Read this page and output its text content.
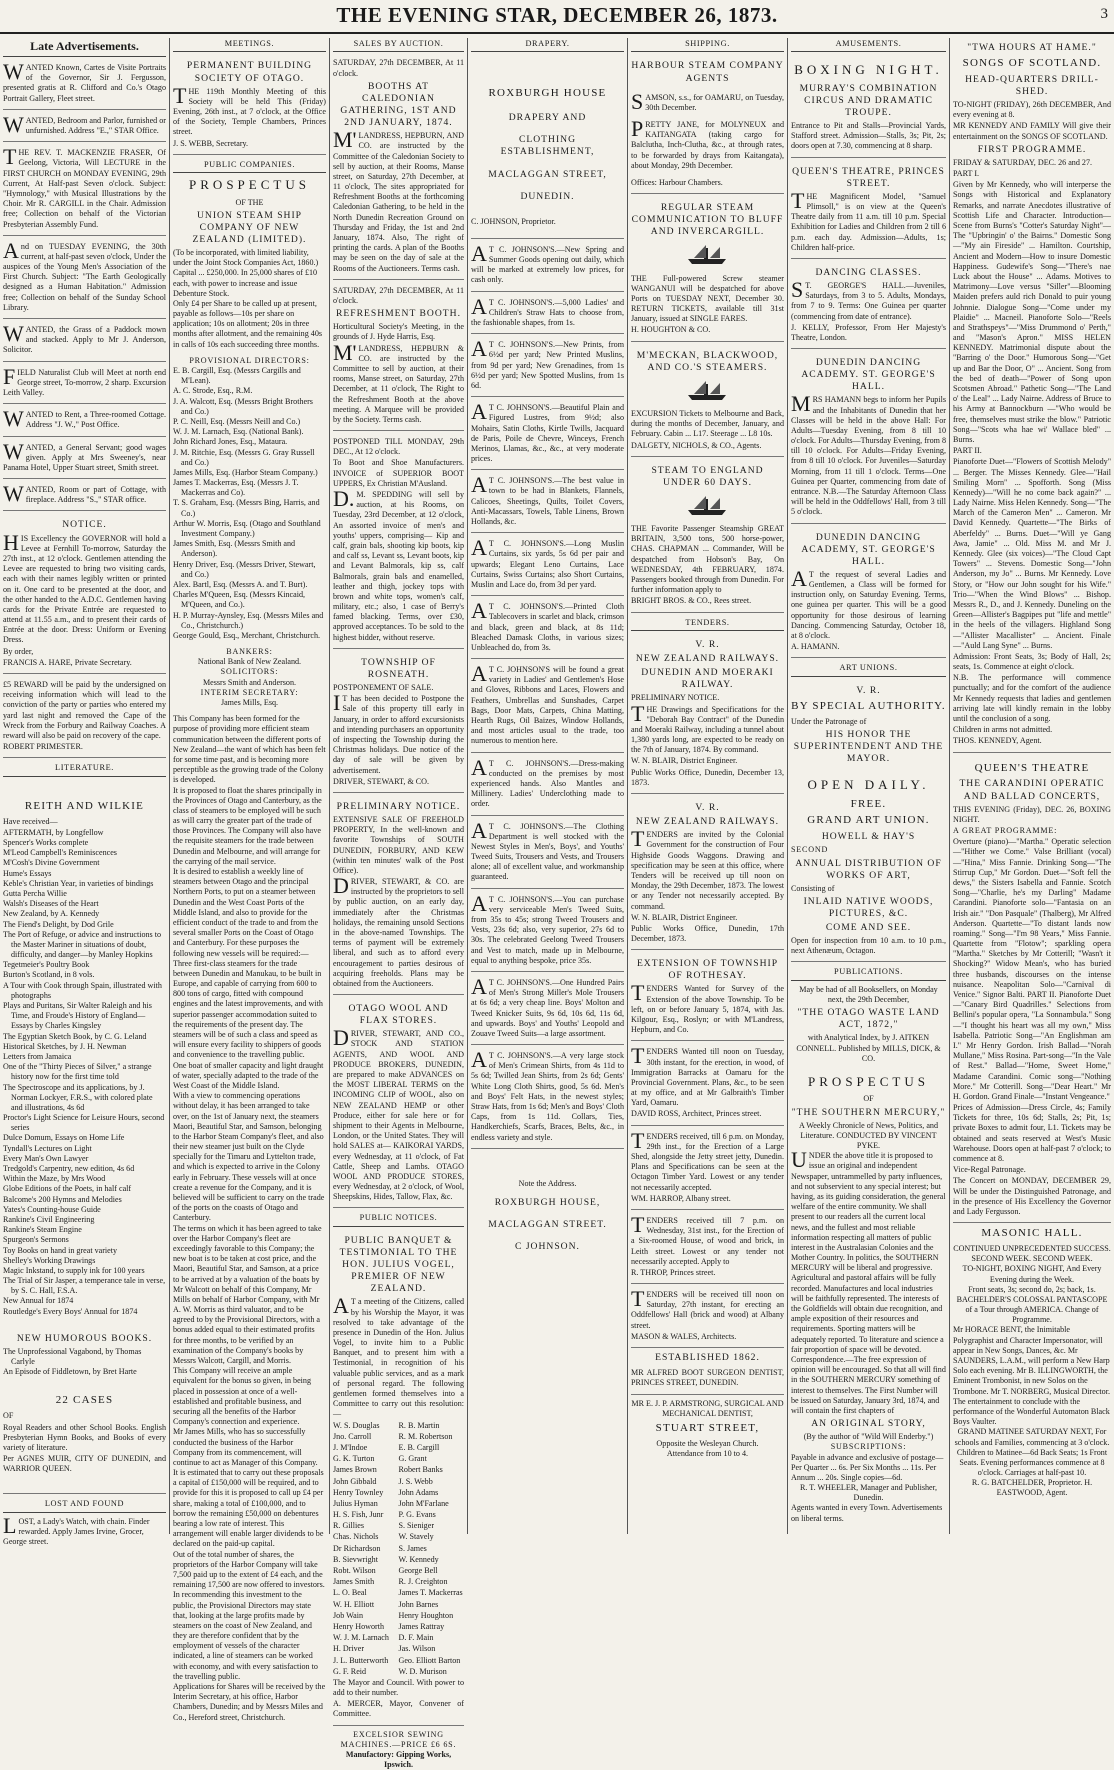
THE EVENING STAR, DECEMBER 26, 1873.	3
Late Advertisements.

WANTED Known, Cartes de Visite Portraits of the Governor, Sir J. Fergusson, presented gratis at R. Clifford and Co.'s Otago Portrait Gallery, Fleet street.

WANTED, Bedroom and Parlor, furnished or unfurnished. Address "E.," STAR Office.

THE REV. T. MACKENZIE FRASER, Of Geelong, Victoria, Will LECTURE in the FIRST CHURCH on MONDAY EVENING, 29th Current, At Half-past Seven o'clock. Subject: "Hymnology," with Musical Illustrations by the Choir. Mr R. CARGILL in the Chair. Admission free; Collection on behalf of the Victorian Presbyterian Assembly Fund.

And on TUESDAY EVENING, the 30th current, at half-past seven o'clock, Under the auspices of the Young Men's Association of the First Church. Subject: "The Earth Geologically designed as a Human Habitation." Admission free; Collection on behalf of the Sunday School Library.

WANTED, the Grass of a Paddock mown and stacked. Apply to Mr J. Anderson, Solicitor.

FIELD Naturalist Club will Meet at north end George street, To-morrow, 2 sharp. Excursion Leith Valley.

WANTED to Rent, a Three-roomed Cottage. Address "J. W.," Post Office.

WANTED, a General Servant; good wages given. Apply at Mrs Sweeney's, near Panama Hotel, Upper Stuart street, Smith street.

WANTED, Room or part of Cottage, with fireplace. Address "S.," STAR office.

NOTICE.

HIS Excellency the GOVERNOR will hold a Levee at Fernhill To-morrow, Saturday the 27th inst., at 12 o'clock. Gentlemen attending the Levee are requested to bring two visiting cards, each with their names legibly written or printed on it. One card to be presented at the door, and the other handed to the A.D.C. Gentlemen having cards for the Private Entrée are requested to attend at 11.55 a.m., and to present their cards of Entrée at the door. Dress: Uniform or Evening Dress.

By order,

FRANCIS A. HARE, Private Secretary.

£5 REWARD will be paid by the undersigned on receiving information which will lead to the conviction of the party or parties who entered my yard last night and removed the Cape of the Wreck from the Forbury and Railway Coaches. A reward will also be paid on recovery of the cape.

ROBERT PRIMESTER.

LITERATURE.
REITH AND WILKIE

Have received—

AFTERMATH, by Longfellow
Spencer's Works complete
M'Leod Campbell's Reminiscences
M'Cosh's Divine Government
Hume's Essays
Keble's Christian Year, in varieties of bindings
Gutta Percha Willie
Walsh's Diseases of the Heart
New Zealand, by A. Kennedy
The Fiend's Delight, by Dod Grile
The Port of Refuge, or advice and instructions to the Master Mariner in situations of doubt, difficulty, and danger—by Manley Hopkins
Tegetmeier's Poultry Book
Burton's Scotland, in 8 vols.
A Tour with Cook through Spain, illustrated with photographs
Plays and Puritans, Sir Walter Raleigh and his Time, and Froude's History of England—Essays by Charles Kingsley
The Egyptian Sketch Book, by C. G. Leland
Historical Sketches, by J. H. Newman
Letters from Jamaica
One of the "Thirty Pieces of Silver," a strange history now for the first time told
The Spectroscope and its applications, by J. Norman Lockyer, F.R.S., with colored plate and illustrations, 4s 6d
Proctor's Light Science for Leisure Hours, second series
Dulce Domum, Essays on Home Life
Tyndall's Lectures on Light
Every Man's Own Lawyer
Tredgold's Carpentry, new edition, 4s 6d
Within the Maze, by Mrs Wood
Globe Editions of the Poets, in half calf
Balcome's 200 Hymns and Melodies
Yates's Counting-house Guide
Rankine's Civil Engineering
Rankine's Steam Engine
Spurgeon's Sermons
Toy Books on hand in great variety
Shelley's Working Drawings
Magic Inkstand, to supply ink for 100 years
The Trial of Sir Jasper, a temperance tale in verse, by S. C. Hall, F.S.A.
New Annual for 1874
Routledge's Every Boys' Annual for 1874
NEW HUMOROUS BOOKS.
The Unprofessional Vagabond, by Thomas Carlyle
An Episode of Fiddletown, by Bret Harte
22 CASES

OF

Royal Readers and other School Books. English Presbyterian Hymn Books, and Books of every variety of literature.

Per AGNES MUIR, CITY OF DUNEDIN, and WARRIOR QUEEN.

LOST AND FOUND

LOST, a Lady's Watch, with chain. Finder rewarded. Apply James Irvine, Grocer, George street.

MEETINGS.
PERMANENT BUILDING SOCIETY OF OTAGO.

THE 119th Monthly Meeting of this Society will be held This (Friday) Evening, 26th inst., at 7 o'clock, at the Office of the Society, Temple Chambers, Princes street.

J. S. WEBB, Secretary.

PUBLIC COMPANIES.
PROSPECTUS

OF THE

UNION STEAM SHIP COMPANY OF NEW ZEALAND (LIMITED).

(To be incorporated, with limited liability, under the Joint Stock Companies Act, 1860.) Capital ... £250,000. In 25,000 shares of £10 each, with power to increase and issue Debenture Stock.

Only £4 per Share to be called up at present, payable as follows—10s per share on application; 10s on allotment; 20s in three months after allotment, and the remaining 40s in calls of 10s each succeeding three months.

PROVISIONAL DIRECTORS:

E. B. Cargill, Esq. (Messrs Cargills and M'Lean).
A. C. Strode, Esq., R.M.
J. A. Walcott, Esq. (Messrs Bright Brothers and Co.)
P. C. Neill, Esq. (Messrs Neill and Co.)
W. J. M. Larnach, Esq. (National Bank).
John Richard Jones, Esq., Mataura.
J. M. Ritchie, Esq. (Messrs G. Gray Russell and Co.)
James Mills, Esq. (Harbor Steam Company.)
James T. Mackerras, Esq. (Messrs J. T. Mackerras and Co).
T. S. Graham, Esq. (Messrs Bing, Harris, and Co.)
Arthur W. Morris, Esq. (Otago and Southland Investment Company.)
James Smith, Esq. (Messrs Smith and Anderson).
Henry Driver, Esq. (Messrs Driver, Stewart, and Co.)
Alex. Bartl, Esq. (Messrs A. and T. Burt).
Charles M'Queen, Esq. (Messrs Kincaid, M'Queen, and Co.).
H. P. Murray-Aynsley, Esq. (Messrs Miles and Co., Christchurch.)
George Gould, Esq., Merchant, Christchurch.

BANKERS:

National Bank of New Zealand.

SOLICITORS:

Messrs Smith and Anderson.

INTERIM SECRETARY:

James Mills, Esq.

This Company has been formed for the purpose of providing more efficient steam communication between the different ports of New Zealand—the want of which has been felt for some time past, and is becoming more perceptible as the growing trade of the Colony is developed.

It is proposed to float the shares principally in the Provinces of Otago and Canterbury, as the class of steamers to be employed will be such as will carry the greater part of the trade of those Provinces. The Company will also have the requisite steamers for the trade between Dunedin and Melbourne, and will arrange for the carrying of the mail service.

It is desired to establish a weekly line of steamers between Otago and the principal Northern Ports, to put on a steamer between Dunedin and the West Coast Ports of the Middle Island, and also to provide for the efficient conduct of the trade to and from the several smaller Ports on the Coast of Otago and Canterbury. For these purposes the following new vessels will be required:—

Three first-class steamers for the trade between Dunedin and Manukau, to be built in Europe, and capable of carrying from 600 to 800 tons of cargo, fitted with compound engines and the latest improvements, and with superior passenger accommodation suited to the requirements of the present day. The steamers will be of such a class and speed as will ensure every facility to shippers of goods and convenience to the travelling public.

One boat of smaller capacity and light draught of water, specially adapted to the trade of the West Coast of the Middle Island.

With a view to commencing operations without delay, it has been arranged to take over, on the 1st of January next, the steamers Maori, Beautiful Star, and Samson, belonging to the Harbor Steam Company's fleet, and also their new steamer just built on the Clyde specially for the Timaru and Lyttelton trade, and which is expected to arrive in the Colony early in February. These vessels will at once create a revenue for the Company, and it is believed will be sufficient to carry on the trade of the ports on the coasts of Otago and Canterbury.

The terms on which it has been agreed to take over the Harbor Company's fleet are exceedingly favorable to this Company; the new boat is to be taken at cost price, and the Maori, Beautiful Star, and Samson, at a price to be arrived at by a valuation of the boats by Mr Walcott on behalf of this Company, Mr Mills on behalf of Harbor Company, with Mr A. W. Morris as third valuator, and to be agreed to by the Provisional Directors, with a bonus added equal to their estimated profits for three months, to be verified by an examination of the Company's books by Messrs Walcott, Cargill, and Morris.

This Company will receive an ample equivalent for the bonus so given, in being placed in possession at once of a well-established and profitable business, and securing all the benefits of the Harbor Company's connection and experience.

Mr James Mills, who has so successfully conducted the business of the Harbor Company from its commencement, will continue to act as Manager of this Company.

It is estimated that to carry out these proposals a capital of £150,000 will be required, and to provide for this it is proposed to call up £4 per share, making a total of £100,000, and to borrow the remaining £50,000 on debentures bearing a low rate of interest. This arrangement will enable larger dividends to be declared on the paid-up capital.

Out of the total number of shares, the proprietors of the Harbor Company will take 7,500 paid up to the extent of £4 each, and the remaining 17,500 are now offered to investors.

In recommending this investment to the public, the Provisional Directors may state that, looking at the large profits made by steamers on the coast of New Zealand, and they are therefore confident that by the employment of vessels of the character indicated, a line of steamers can be worked with economy, and with every satisfaction to the travelling public.

Applications for Shares will be received by the Interim Secretary, at his office, Harbor Chambers, Dunedin; and by Messrs Miles and Co., Hereford street, Christchurch.

SALES BY AUCTION.

SATURDAY, 27th DECEMBER, At 11 o'clock.

BOOTHS AT CALEDONIAN GATHERING, 1ST AND 2ND JANUARY, 1874.

M'LANDRESS, HEPBURN, AND CO. are instructed by the Committee of the Caledonian Society to sell by auction, at their Rooms, Manse street, on Saturday, 27th December, at 11 o'clock, The sites appropriated for Refreshment Booths at the forthcoming Caledonian Gathering, to be held in the North Dunedin Recreation Ground on Thursday and Friday, the 1st and 2nd January, 1874. Also, The right of printing the cards. A plan of the Booths may be seen on the day of sale at the Rooms of the Auctioneers. Terms cash.

SATURDAY, 27th DECEMBER, At 11 o'clock.

REFRESHMENT BOOTH.

Horticultural Society's Meeting, in the grounds of J. Hyde Harris, Esq.

M'LANDRESS, HEPBURN & CO. are instructed by the Committee to sell by auction, at their rooms, Manse street, on Saturday, 27th December, at 11 o'clock, The Right to the Refreshment Booth at the above meeting. A Marquee will be provided by the Society. Terms cash.

POSTPONED TILL MONDAY, 29th DEC., At 12 o'clock.

To Boot and Shoe Manufacturers. INVOICE of SUPERIOR BOOT UPPERS, Ex Christian M'Ausland.

D.M. SPEDDING will sell by auction, at his Rooms, on Tuesday, 23rd December, at 12 o'clock, An assorted invoice of men's and youths' uppers, comprising— Kip and calf, grain bals, shooting kip boots, kip and calf ss, Levant ss, Levant boots, kip and Levant Balmorals, kip ss, calf Balmorals, grain bals and enamelled, leather and thigh, jockey tops with brown and white tops, women's calf, military, etc.; also, 1 case of Berry's famed blacking. Terms, over £30, approved acceptances. To be sold to the highest bidder, without reserve.

TOWNSHIP OF ROSNEATH.

POSTPONEMENT OF SALE.

IT has been decided to Postpone the Sale of this property till early in January, in order to afford excursionists and intending purchasers an opportunity of inspecting the Township during the Christmas holidays. Due notice of the day of sale will be given by advertisement.

DRIVER, STEWART, & CO.

PRELIMINARY NOTICE.

EXTENSIVE SALE OF FREEHOLD PROPERTY, In the well-known and favorite Townships of SOUTH DUNEDIN, FORBURY, AND KEW (within ten minutes' walk of the Post Office).

DRIVER, STEWART, & CO. are instructed by the proprietors to sell by public auction, on an early day, immediately after the Christmas holidays, the remaining unsold Sections in the above-named Townships. The terms of payment will be extremely liberal, and such as to afford every encouragement to parties desirous of acquiring freeholds. Plans may be obtained from the Auctioneers.

OTAGO WOOL AND FLAX STORES.

DRIVER, STEWART, AND CO., STOCK AND STATION AGENTS, AND WOOL AND PRODUCE BROKERS, DUNEDIN, are prepared to make ADVANCES on the MOST LIBERAL TERMS on the INCOMING CLIP of WOOL, also on NEW ZEALAND HEMP or other Produce, either for sale here or for shipment to their Agents in Melbourne, London, or the United States. They will hold SALES at— KAIKORAI YARDS, every Wednesday, at 11 o'clock, of Fat Cattle, Sheep and Lambs. OTAGO WOOL AND PRODUCE STORES, every Wednesday, at 2 o'clock, of Wool, Sheepskins, Hides, Tallow, Flax, &c.

PUBLIC NOTICES.
PUBLIC BANQUET & TESTIMONIAL TO THE HON. JULIUS VOGEL, PREMIER OF NEW ZEALAND.

AT a meeting of the Citizens, called by his Worship the Mayor, it was resolved to take advantage of the presence in Dunedin of the Hon. Julius Vogel, to invite him to a Public Banquet, and to present him with a Testimonial, in recognition of his valuable public services, and as a mark of personal regard. The following gentlemen formed themselves into a Committee to carry out this resolution:—

W. S. Douglas

Jno. Carroll

J. M'Indoe

G. K. Turton

James Brown

John Gibbald

Henry Townley

Julius Hyman

H. S. Fish, Junr

R. Gillies

Chas. Nichols

Dr Richardson

B. Sievwright

Robt. Wilson

James Smith

L. O. Beal

W. H. Elliott

Job Wain

Henry Howorth

W. J. M. Larnach

H. Driver

J. L. Butterworth

G. F. Reid

R. B. Martin

R. M. Robertson

E. B. Cargill

G. Grant

Robert Banks

J. S. Webb

John Adams

John M'Farlane

P. G. Evans

S. Sieniger

W. Stavely

S. James

W. Kennedy

George Bell

R. J. Creighton

James T. Mackerras

John Barnes

Henry Houghton

James Rattray

D. F. Main

Jas. Wilson

Geo. Elliott Barton

W. D. Murison

The Mayor and Council. With power to add to their number.

A. MERCER, Mayor, Convener of Committee.

EXCELSIOR SEWING MACHINES.—PRICE £6 6S.

Manufactory: Gipping Works, Ipswich.

DRAPERY.
ROXBURGH HOUSE
DRAPERY AND
CLOTHING ESTABLISHMENT,
MACLAGGAN STREET,
DUNEDIN.

C. JOHNSON, Proprietor.

AT C. JOHNSON'S.—New Spring and Summer Goods opening out daily, which will be marked at extremely low prices, for cash only.

AT C. JOHNSON'S.—5,000 Ladies' and Children's Straw Hats to choose from, the fashionable shapes, from 1s.

AT C. JOHNSON'S.—New Prints, from 6½d per yard; New Printed Muslins, from 9d per yard; New Grenadines, from 1s 6½d per yard; New Spotted Muslins, from 1s 6d.

AT C. JOHNSON'S.—Beautiful Plain and Figured Lustres, from 9½d; also Mohairs, Satin Cloths, Kirtle Twills, Jacquard de Paris, Poile de Chevre, Winceys, French Merinos, Llamas, &c., &c., at very moderate prices.

AT C. JOHNSON'S.—The best value in town to be had in Blankets, Flannels, Calicoes, Sheetings, Quilts, Toilet Covers, Anti-Macassars, Towels, Table Linens, Brown Hollands, &c.

AT C. JOHNSON'S.—Long Muslin Curtains, six yards, 5s 6d per pair and upwards; Elegant Leno Curtains, Lace Curtains, Swiss Curtains; also Short Curtains, Muslin and Lace do, from 3d per yard.

AT C. JOHNSON'S.—Printed Cloth Tablecovers in scarlet and black, crimson and black, green and black, at 8s 11d; Bleached Damask Cloths, in various sizes; Unbleached do, from 3s.

AT C. JOHNSON'S will be found a great variety in Ladies' and Gentlemen's Hose and Gloves, Ribbons and Laces, Flowers and Feathers, Umbrellas and Sunshades, Carpet Bags, Door Mats, Carpets, China Matting, Hearth Rugs, Oil Baizes, Window Hollands, and most articles usual to the trade, too numerous to mention here.

AT C. JOHNSON'S.—Dress-making conducted on the premises by most experienced hands. Also Mantles and Millinery. Ladies' Underclothing made to order.

AT C. JOHNSON'S.—The Clothing Department is well stocked with the Newest Styles in Men's, Boys', and Youths' Tweed Suits, Trousers and Vests, and Trousers alone; all of excellent value, and workmanship guaranteed.

AT C. JOHNSON'S.—You can purchase very serviceable Men's Tweed Suits, from 35s to 45s; strong Tweed Trousers and Vests, 23s 6d; also, very superior, 27s 6d to 30s. The celebrated Geelong Tweed Trousers and Vest to match, made up in Melbourne, equal to anything bespoke, price 35s.

AT C. JOHNSON'S.—One Hundred Pairs of Men's Strong Miller's Mole Trousers at 6s 6d; a very cheap line. Boys' Molton and Tweed Knicker Suits, 9s 6d, 10s 6d, 11s 6d, and upwards. Boys' and Youths' Leopold and Zouave Tweed Suits—a large assortment.

AT C. JOHNSON'S.—A very large stock of Men's Crimean Shirts, from 4s 11d to 5s 6d; Twilled Jean Shirts, from 2s 6d; Gents' White Long Cloth Shirts, good, 5s 6d. Men's and Boys' Felt Hats, in the newest styles; Straw Hats, from 1s 6d; Men's and Boys' Cloth Caps, from 1s 11d. Collars, Ties, Handkerchiefs, Scarfs, Braces, Belts, &c., in endless variety and style.

Note the Address.

ROXBURGH HOUSE,
MACLAGGAN STREET.
C JOHNSON.
SHIPPING.
HARBOUR STEAM COMPANY AGENTS

SAMSON, s.s., for OAMARU, on Tuesday, 30th December.

PRETTY JANE, for MOLYNEUX and KAITANGATA (taking cargo for Balclutha, Inch-Clutha, &c., at through rates, to be forwarded by drays from Kaitangata), about Monday, 29th December.

Offices: Harbour Chambers.

REGULAR STEAM COMMUNICATION TO BLUFF AND INVERCARGILL.

THE Full-powered Screw steamer WANGANUI will be despatched for above Ports on TUESDAY NEXT, December 30. RETURN TICKETS, available till 31st January, issued at SINGLE FARES.

H. HOUGHTON & CO.

M'MECKAN, BLACKWOOD, AND CO.'S STEAMERS.

EXCURSION Tickets to Melbourne and Back, during the months of December, January, and February. Cabin ... L17. Steerage ... L8 10s.

DALGETY, NICHOLS, & CO., Agents.

STEAM TO ENGLAND UNDER 60 DAYS.

THE Favorite Passenger Steamship GREAT BRITAIN, 3,500 tons, 500 horse-power, CHAS. CHAPMAN ... Commander, Will be despatched from Hobson's Bay, On WEDNESDAY, 4th FEBRUARY, 1874. Passengers booked through from Dunedin. For further information apply to

BRIGHT BROS. & CO., Rees street.

TENDERS.
V. R.
NEW ZEALAND RAILWAYS.
DUNEDIN AND MOERAKI RAILWAY.

PRELIMINARY NOTICE.

THE Drawings and Specifications for the "Deborah Bay Contract" of the Dunedin and Moeraki Railway, including a tunnel about 1,380 yards long, are expected to be ready on the 7th of January, 1874. By command.

W. N. BLAIR, District Engineer.

Public Works Office, Dunedin, December 13, 1873.

V. R.
NEW ZEALAND RAILWAYS.

TENDERS are invited by the Colonial Government for the construction of Four Highside Goods Waggons. Drawing and specification may be seen at this office, where Tenders will be received up till noon on Monday, the 29th December, 1873. The lowest or any Tender not necessarily accepted. By command.

W. N. BLAIR, District Engineer.

Public Works Office, Dunedin, 17th December, 1873.

EXTENSION OF TOWNSHIP OF ROTHESAY.

TENDERS Wanted for Survey of the Extension of the above Township. To be left, on or before January 5, 1874, with Jas. Kilgour, Esq., Roslyn; or with M'Landress, Hepburn, and Co.

TENDERS Wanted till noon on Tuesday, 30th instant, for the erection, in wood, of Immigration Barracks at Oamaru for the Provincial Government. Plans, &c., to be seen at my office, and at Mr Galbraith's Timber Yard, Oamaru.

DAVID ROSS, Architect, Princes street.

TENDERS received, till 6 p.m. on Monday, 29th inst., for the Erection of a Large Shed, alongside the Jetty street jetty, Dunedin. Plans and Specifications can be seen at the Octagon Timber Yard. Lowest or any tender not necessarily accepted.

WM. HARROP, Albany street.

TENDERS received till 7 p.m. on Wednesday, 31st inst., for the Erection of a Six-roomed House, of wood and brick, in Leith street. Lowest or any tender not necessarily accepted. Apply to

R. THROP, Princes street.

TENDERS will be received till noon on Saturday, 27th instant, for erecting an Oddfellows' Hall (brick and wood) at Albany street.

MASON & WALES, Architects.

ESTABLISHED 1862.

MR ALFRED BOOT SURGEON DENTIST, PRINCES STREET, DUNEDIN.

MR E. J. P. ARMSTRONG, SURGICAL AND MECHANICAL DENTIST,

STUART STREET,

Opposite the Wesleyan Church.

Attendance from 10 to 4.

AMUSEMENTS.
BOXING NIGHT.
MURRAY'S COMBINATION CIRCUS AND DRAMATIC TROUPE.

Entrance to Pit and Stalls—Provincial Yards, Stafford street. Admission—Stalls, 3s; Pit, 2s; doors open at 7.30, commencing at 8 sharp.

QUEEN'S THEATRE, PRINCES STREET.

THE Magnificent Model, "Samuel Plimsoll," is on view at the Queen's Theatre daily from 11 a.m. till 10 p.m. Special Exhibition for Ladies and Children from 2 till 6 p.m. each day. Admission—Adults, 1s; Children half-price.

DANCING CLASSES.

ST. GEORGE'S HALL.—Juveniles, Saturdays, from 3 to 5. Adults, Mondays, from 7 to 9. Terms: One Guinea per quarter (commencing from date of entrance).

J. KELLY, Professor, From Her Majesty's Theatre, London.

DUNEDIN DANCING ACADEMY. ST. GEORGE'S HALL.

MRS HAMANN begs to inform her Pupils and the Inhabitants of Dunedin that her Classes will be held in the above Hall: For Adults—Tuesday Evening, from 8 till 10 o'clock. For Adults—Thursday Evening, from 8 till 10 o'clock. For Adults—Friday Evening, from 8 till 10 o'clock. For Juveniles—Saturday Morning, from 11 till 1 o'clock. Terms—One Guinea per Quarter, commencing from date of entrance. N.B.—The Saturday Afternoon Class will be held in the Oddfellows' Hall, from 3 till 5 o'clock.

DUNEDIN DANCING ACADEMY, ST. GEORGE'S HALL.

AT the request of several Ladies and Gentlemen, a Class will be formed for instruction only, on Saturday Evening. Terms, one guinea per quarter. This will be a good opportunity for those desirous of learning Dancing. Commencing Saturday, October 18, at 8 o'clock.

A. HAMANN.

ART UNIONS.
V. R.
BY SPECIAL AUTHORITY.

Under the Patronage of

HIS HONOR THE SUPERINTENDENT AND THE MAYOR.
OPEN DAILY.
FREE.
GRAND ART UNION.
HOWELL & HAY'S

SECOND

ANNUAL DISTRIBUTION OF WORKS OF ART,

Consisting of

INLAID NATIVE WOODS, PICTURES, &C.
COME AND SEE.

Open for inspection from 10 a.m. to 10 p.m., next Athenæum, Octagon.

PUBLICATIONS.

May be had of all Booksellers, on Monday next, the 29th December,

"THE OTAGO WASTE LAND ACT, 1872,"

with Analytical Index, by J. AITKEN CONNELL. Published by MILLS, DICK, & CO.

PROSPECTUS

OF

"THE SOUTHERN MERCURY,"

A Weekly Chronicle of News, Politics, and Literature. CONDUCTED BY VINCENT PYKE.

UNDER the above title it is proposed to issue an original and independent Newspaper, untrammelled by party influences, and not subservient to any special interest; but having, as its guiding consideration, the general welfare of the entire community. We shall present to our readers all the current local news, and the fullest and most reliable information respecting all matters of public interest in the Australasian Colonies and the Mother Country. In politics, the SOUTHERN MERCURY will be liberal and progressive. Agricultural and pastoral affairs will be fully recorded. Manufactures and local industries will be faithfully represented. The interests of the Goldfields will obtain due recognition, and ample exposition of their resources and requirements. Sporting matters will be adequately reported. To literature and science a fair proportion of space will be devoted. Correspondence.—The free expression of opinion will be encouraged. So that all will find in the SOUTHERN MERCURY something of interest to themselves. The First Number will be issued on Saturday, January 3rd, 1874, and will contain the first chapters of

AN ORIGINAL STORY,

(By the author of "Wild Will Enderby.")

SUBSCRIPTIONS:

Payable in advance and exclusive of postage—Per Quarter ... 6s. Per Six Months ... 11s. Per Annum ... 20s. Single copies—6d.

R. T. WHEELER, Manager and Publisher, Dunedin.

Agents wanted in every Town. Advertisements on liberal terms.

"TWA HOURS AT HAME."
SONGS OF SCOTLAND.
HEAD-QUARTERS DRILL-SHED.

TO-NIGHT (FRIDAY), 26th DECEMBER, And every evening at 8.

MR KENNEDY AND FAMILY Will give their entertainment on the SONGS OF SCOTLAND.

FIRST PROGRAMME.

FRIDAY & SATURDAY, DEC. 26 and 27.

PART I.

Given by Mr Kennedy, who will interperse the Songs with Historical and Explanatory Remarks, and narrate Anecdotes illustrative of Scottish Life and Character. Introduction—Scene from Burns's "Cotter's Saturday Night"—The "Upbringin' o' the Bairns." Domestic Song—"My ain Fireside" ... Hamilton. Courtship, Ancient and Modern—How to insure Domestic Happiness. Gudewife's Song—"There's nae Luck about the House" ... Adams. Motives to Matrimony—Love versus "Siller"—Blooming Maiden prefers auld rich Donald to puir young Johnnie. Dialogue Song—"Come under my Plaidie" ... Macneil. Pianoforte Solo—"Reels and Strathspeys"—"Miss Drummond o' Perth," and "Mason's Apron." MISS HELEN KENNEDY. Matrimonial dispute about the "Barring o' the Door." Humorous Song—"Get up and Bar the Door, O" ... Ancient. Song from the bed of death—"Power of Song upon Scotsmen Abroad." Pathetic Song—"The Land o' the Leal" ... Lady Nairne. Address of Bruce to his Army at Bannockburn —"Who would be free, themselves must strike the blow." Patriotic Song—"Scots wha hae wi' Wallace bled" ... Burns.

PART II.

Pianoforte Duet—"Flowers of Scottish Melody" ... Berger. The Misses Kennedy. Glee—"Hail Smiling Morn" ... Spofforth. Song (Miss Kennedy)—"Will he no come back again?" ... Lady Nairne. Miss Helen Kennedy. Song—"The March of the Cameron Men" ... Cameron. Mr David Kennedy. Quartette—"The Birks of Aberfeldy" ... Burns. Duet—"Will ye Gang Awa, Jamie" ... Old. Miss M. and Mr J. Kennedy. Glee (six voices)—"The Cloud Capt Towers" ... Stevens. Domestic Song—"John Anderson, my Jo" ... Burns. Mr Kennedy. Love Story, or "How our John sought for his Wife." Trio—"When the Wind Blows" ... Bishop. Messrs R., D., and J. Kennedy. Duneling on the Green—Allister's Bagpipes put "life and mettle" in the heels of the villagers. Highland Song—"Allister Macallister" ... Ancient. Finale—"Auld Lang Syne" ... Burns.

Admission: Front Seats, 3s; Body of Hall, 2s; seats, 1s. Commence at eight o'clock.

N.B. The performance will commence punctually; and for the comfort of the audience Mr Kennedy requests that ladies and gentlemen arriving late will kindly remain in the lobby until the conclusion of a song.

Children in arms not admitted.

THOS. KENNEDY, Agent.

QUEEN'S THEATRE
THE CARANDINI OPERATIC AND BALLAD CONCERTS,

THIS EVENING (Friday), DEC. 26, BOXING NIGHT.

A GREAT PROGRAMME:

Overture (piano)—"Martha." Operatic selection—"Hither we Come." Valse Brilliant (vocal)—"Hina," Miss Fannie. Drinking Song—"The Stirrup Cup," Mr Gordon. Duet—"Soft fell the dews," the Sisters Isabella and Fannie. Scotch Song—"Charlie, he's my Darling" Madame Carandini. Pianoforte solo—"Fantasia on an Irish air." "Don Pasquale" (Thalberg), Mr Alfred Anderson. Quartette—"To distant lands now roaming." Song—"I'm 98 Years," Miss Fannie. Quartette from "Flotow"; sparkling opera "Martha." Sketches by Mr Cotterill; "Wasn't it Shocking?" Widow Mean's, who has buried three husbands, discourses on the intense nuisance. Neapolitan Solo—"Carnival di Venice." Signor Balti. PART II. Pianoforte Duet—"Canary Bird Quadrilles." Selections from Bellini's popular opera, "La Sonnambula." Song—"I thought his heart was all my own," Miss Isabella. Patriotic Song—"An Englishman am I." Mr Henry Gordon. Irish Ballad—"Norah Mullane," Miss Rosina. Part-song—"In the Vale of Rest." Ballad—"Home, Sweet Home," Madame Carandini. Comic song—"Nothing More." Mr Cotterill. Song—"Dear Heart." Mr H. Gordon. Grand Finale—"Instant Vengeance."

Prices of Admission—Dress Circle, 4s; Family Tickets for three, 10s 6d; Stalls, 2s; Pit, 1s; private Boxes to admit four, L1. Tickets may be obtained and seats reserved at West's Music Warehouse. Doors open at half-past 7 o'clock; to commence at 8.

Vice-Regal Patronage.

The Concert on MONDAY, DECEMBER 29, Will be under the Distinguished Patronage, and in the presence of His Excellency the Governor and Lady Fergusson.

MASONIC HALL.

CONTINUED UNPRECEDENTED SUCCESS. SECOND WEEK. SECOND WEEK.

TO-NIGHT, BOXING NIGHT, And Every Evening during the Week.

Front seats, 3s; second do, 2s; back, 1s.

BACHELDER'S COLOSSAL PANTASCOPE of a Tour through AMERICA. Change of Programme.

Mr HORACE BENT, the Inimitable Polygraphist and Character Impersonator, will appear in New Songs, Dances, &c. Mr SAUNDERS, L.A.M., will perform a New Harp Solo each evening. Mr B. ILLINGWORTH, the Eminent Trombonist, in new Solos on the Trombone. Mr T. NORBERG, Musical Director. The entertainment to conclude with the performance of the Wonderful Automaton Black Boys Vaulter.

GRAND MATINEE SATURDAY NEXT, For schools and Families, commencing at 3 o'clock. Children to Matinee—6d Back Seats; 1s Front Seats. Evening performances commence at 8 o'clock. Carriages at half-past 10.

R. G. BATCHELDER, Proprietor. H. EASTWOOD, Agent.
